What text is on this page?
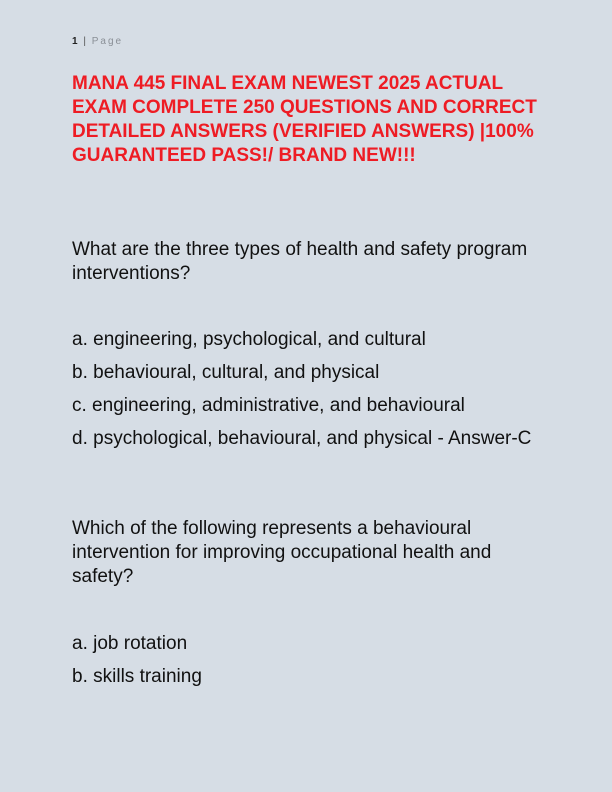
1 | Page
MANA 445 FINAL EXAM NEWEST 2025 ACTUAL EXAM COMPLETE 250 QUESTIONS AND CORRECT DETAILED ANSWERS (VERIFIED ANSWERS) |100% GUARANTEED PASS!/ BRAND NEW!!!

What are the three types of health and safety program interventions?

a. engineering, psychological, and cultural

b. behavioural, cultural, and physical

c. engineering, administrative, and behavioural

d. psychological, behavioural, and physical - Answer-C

Which of the following represents a behavioural intervention for improving occupational health and safety?

a. job rotation

b. skills training
